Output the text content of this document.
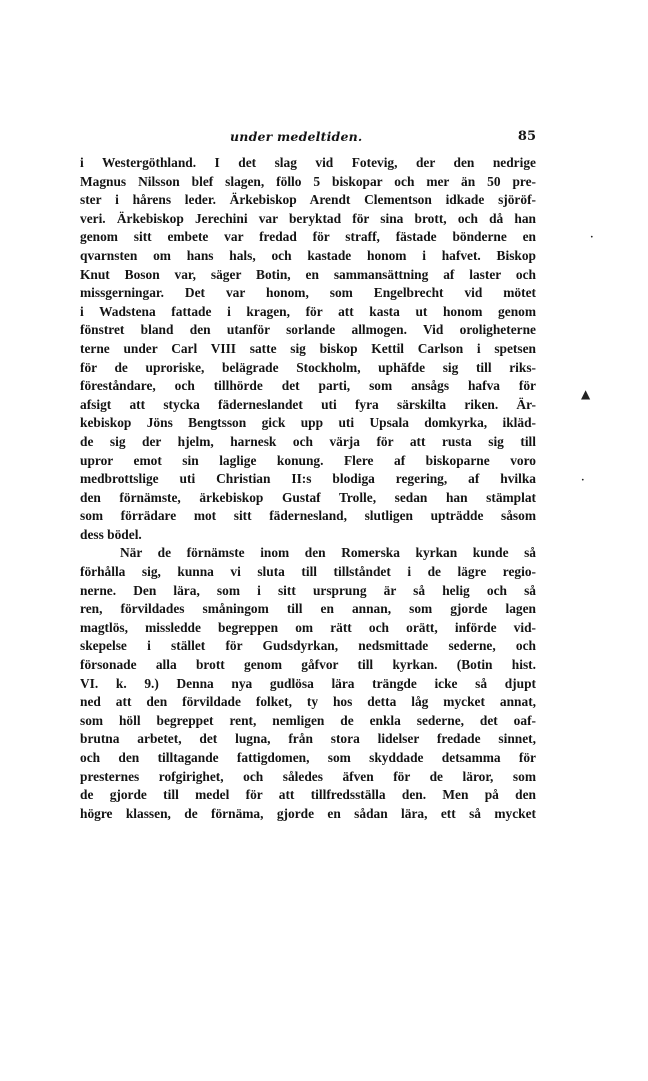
under medeltiden.	85
i Westergöthland. I det slag vid Fotevig, der den nedrige
Magnus Nilsson blef slagen, föllo 5 biskopar och mer än 50 pre-
ster i hårens leder. Ärkebiskop Arendt Clementson idkade sjöröf-
veri. Ärkebiskop Jerechini var beryktad för sina brott, och då han
genom sitt embete var fredad för straff, fästade bönderne en
qvarnsten om hans hals, och kastade honom i hafvet. Biskop
Knut Boson var, säger Botin, en sammansättning af laster och
missgerningar. Det var honom, som Engelbrecht vid mötet
i Wadstena fattade i kragen, för att kasta ut honom genom
fönstret bland den utanför sorlande allmogen. Vid oroligheterne
terne under Carl VIII satte sig biskop Kettil Carlson i spetsen
för de uproriske, belägrade Stockholm, uphäfde sig till riks-
föreståndare, och tillhörde det parti, som ansågs hafva för
afsigt att stycka fäderneslandet uti fyra särskilta riken. Är-
kebiskop Jöns Bengtsson gick upp uti Upsala domkyrka, ikläd-
de sig der hjelm, harnesk och värja för att rusta sig till
upror emot sin laglige konung. Flere af biskoparne voro
medbrottslige uti Christian II:s blodiga regering, af hvilka
den förnämste, ärkebiskop Gustaf Trolle, sedan han stämplat
som förrädare mot sitt fädernesland, slutligen upträdde såsom
dess bödel.
När de förnämste inom den Romerska kyrkan kunde så
förhålla sig, kunna vi sluta till tillståndet i de lägre regio-
nerne. Den lära, som i sitt ursprung är så helig och så
ren, förvildades småningom till en annan, som gjorde lagen
magtlös, missledde begreppen om rätt och orätt, införde vid-
skepelse i stället för Gudsdyrkan, nedsmittade sederne, och
försonade alla brott genom gåfvor till kyrkan. (Botin hist.
VI. k. 9.) Denna nya gudlösa lära trängde icke så djupt
ned att den förvildade folket, ty hos detta låg mycket annat,
som höll begreppet rent, nemligen de enkla sederne, det oaf-
brutna arbetet, det lugna, från stora lidelser fredade sinnet,
och den tilltagande fattigdomen, som skyddade detsamma för
presternes rofgirighet, och således äfven för de läror, som
de gjorde till medel för att tillfredsställa den. Men på den
högre klassen, de förnäma, gjorde en sådan lära, ett så mycket
•
▲
•
